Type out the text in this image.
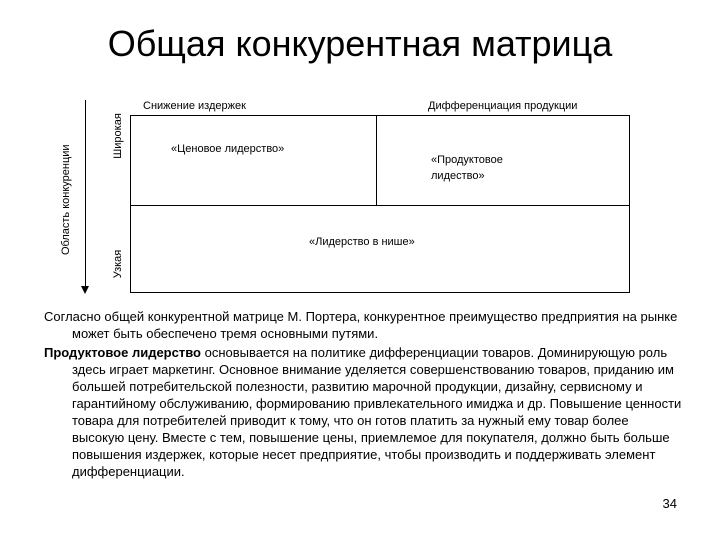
Общая конкурентная матрица
Снижение издержек	Дифференциация продукции
Область конкуренции
Широкая
Узкая
«Ценовое лидерство»
«Продуктовое
лидество»
«Лидерство в нише»

Согласно общей конкурентной матрице М. Портера, конкурентное преимущество предприятия на рынке может быть обеспечено тремя основными путями.

Продуктовое лидерство основывается на политике дифференциации товаров. Доминирующую роль здесь играет маркетинг. Основное внимание уделяется совершенствованию товаров, приданию им большей потребительской полезности, развитию марочной продукции, дизайну, сервисному и гарантийному обслуживанию, формированию привлекательного имиджа и др. Повышение ценности товара для потребителей приводит к тому, что он готов платить за нужный ему товар более высокую цену. Вместе с тем, повышение цены, приемлемое для покупателя, должно быть больше повышения издержек, которые несет предприятие, чтобы производить и поддерживать элемент дифференциации.

34
